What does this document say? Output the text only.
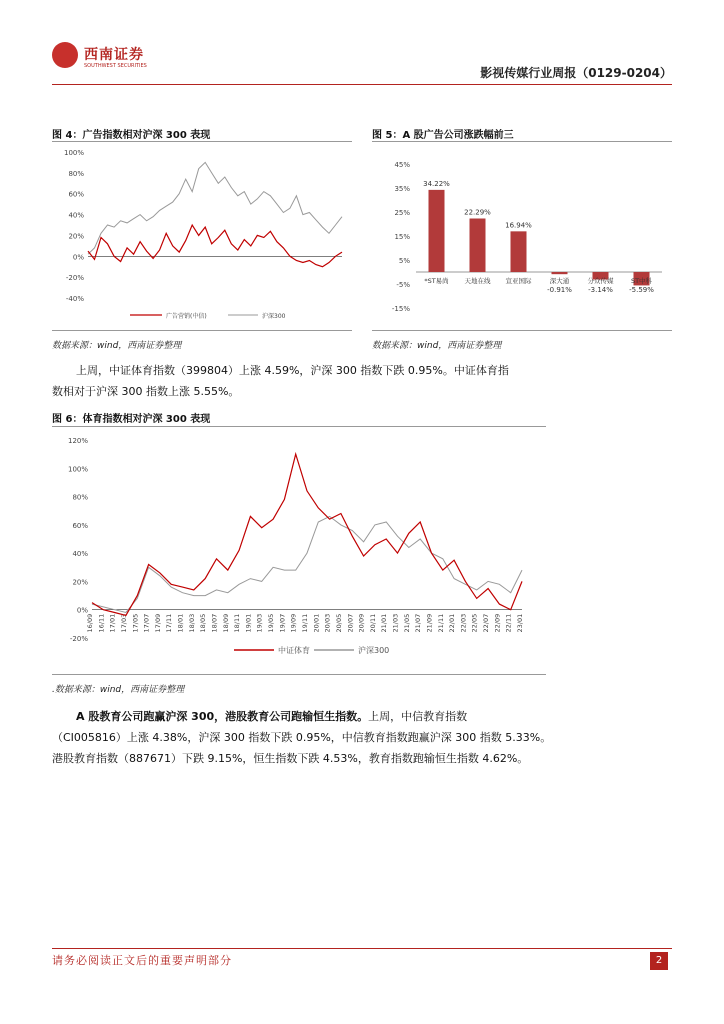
西南证券
SOUTHWEST SECURITIES	影视传媒行业周报（0129-0204）
图 4：广告指数相对沪深 300 表现
100%
80%
60%
40%
20%
0%
-20%
-40%
广告营销(中信)	沪深300
数据来源：wind，西南证券整理
图 5：A 股广告公司涨跌幅前三
45%
35%
25%
15%
5%
-5%
-15%
*ST易尚
34.22%
天地在线
22.29%
宣亚国际
16.94%
深大通
-0.91%
分众传媒
-3.14%
ST中科
-5.59%
数据来源：wind，西南证券整理
上周，中证体育指数（399804）上涨 4.59%，沪深 300 指数下跌 0.95%。中证体育指
数相对于沪深 300 指数上涨 5.55%。
图 6：体育指数相对沪深 300 表现
120%
100%
80%
60%
40%
20%
0%
-20%
16/09 16/11 17/01 17/03 17/05 17/07 17/09 17/11 18/01 18/03 18/05 18/07 18/09 18/11 19/01 19/03 19/05 19/07 19/09 19/11 20/01 20/03 20/05 20/07 20/09 20/11 21/01 21/03 21/05 21/07 21/09 21/11 22/01 22/03 22/05 22/07 22/09 22/11 23/01
中证体育	沪深300
.数据来源：wind，西南证券整理
A 股教育公司跑赢沪深 300，港股教育公司跑输恒生指数。上周，中信教育指数
（CI005816）上涨 4.38%，沪深 300 指数下跌 0.95%，中信教育指数跑赢沪深 300 指数 5.33%。
港股教育指数（887671）下跌 9.15%，恒生指数下跌 4.53%，教育指数跑输恒生指数 4.62%。
请务必阅读正文后的重要声明部分	2
